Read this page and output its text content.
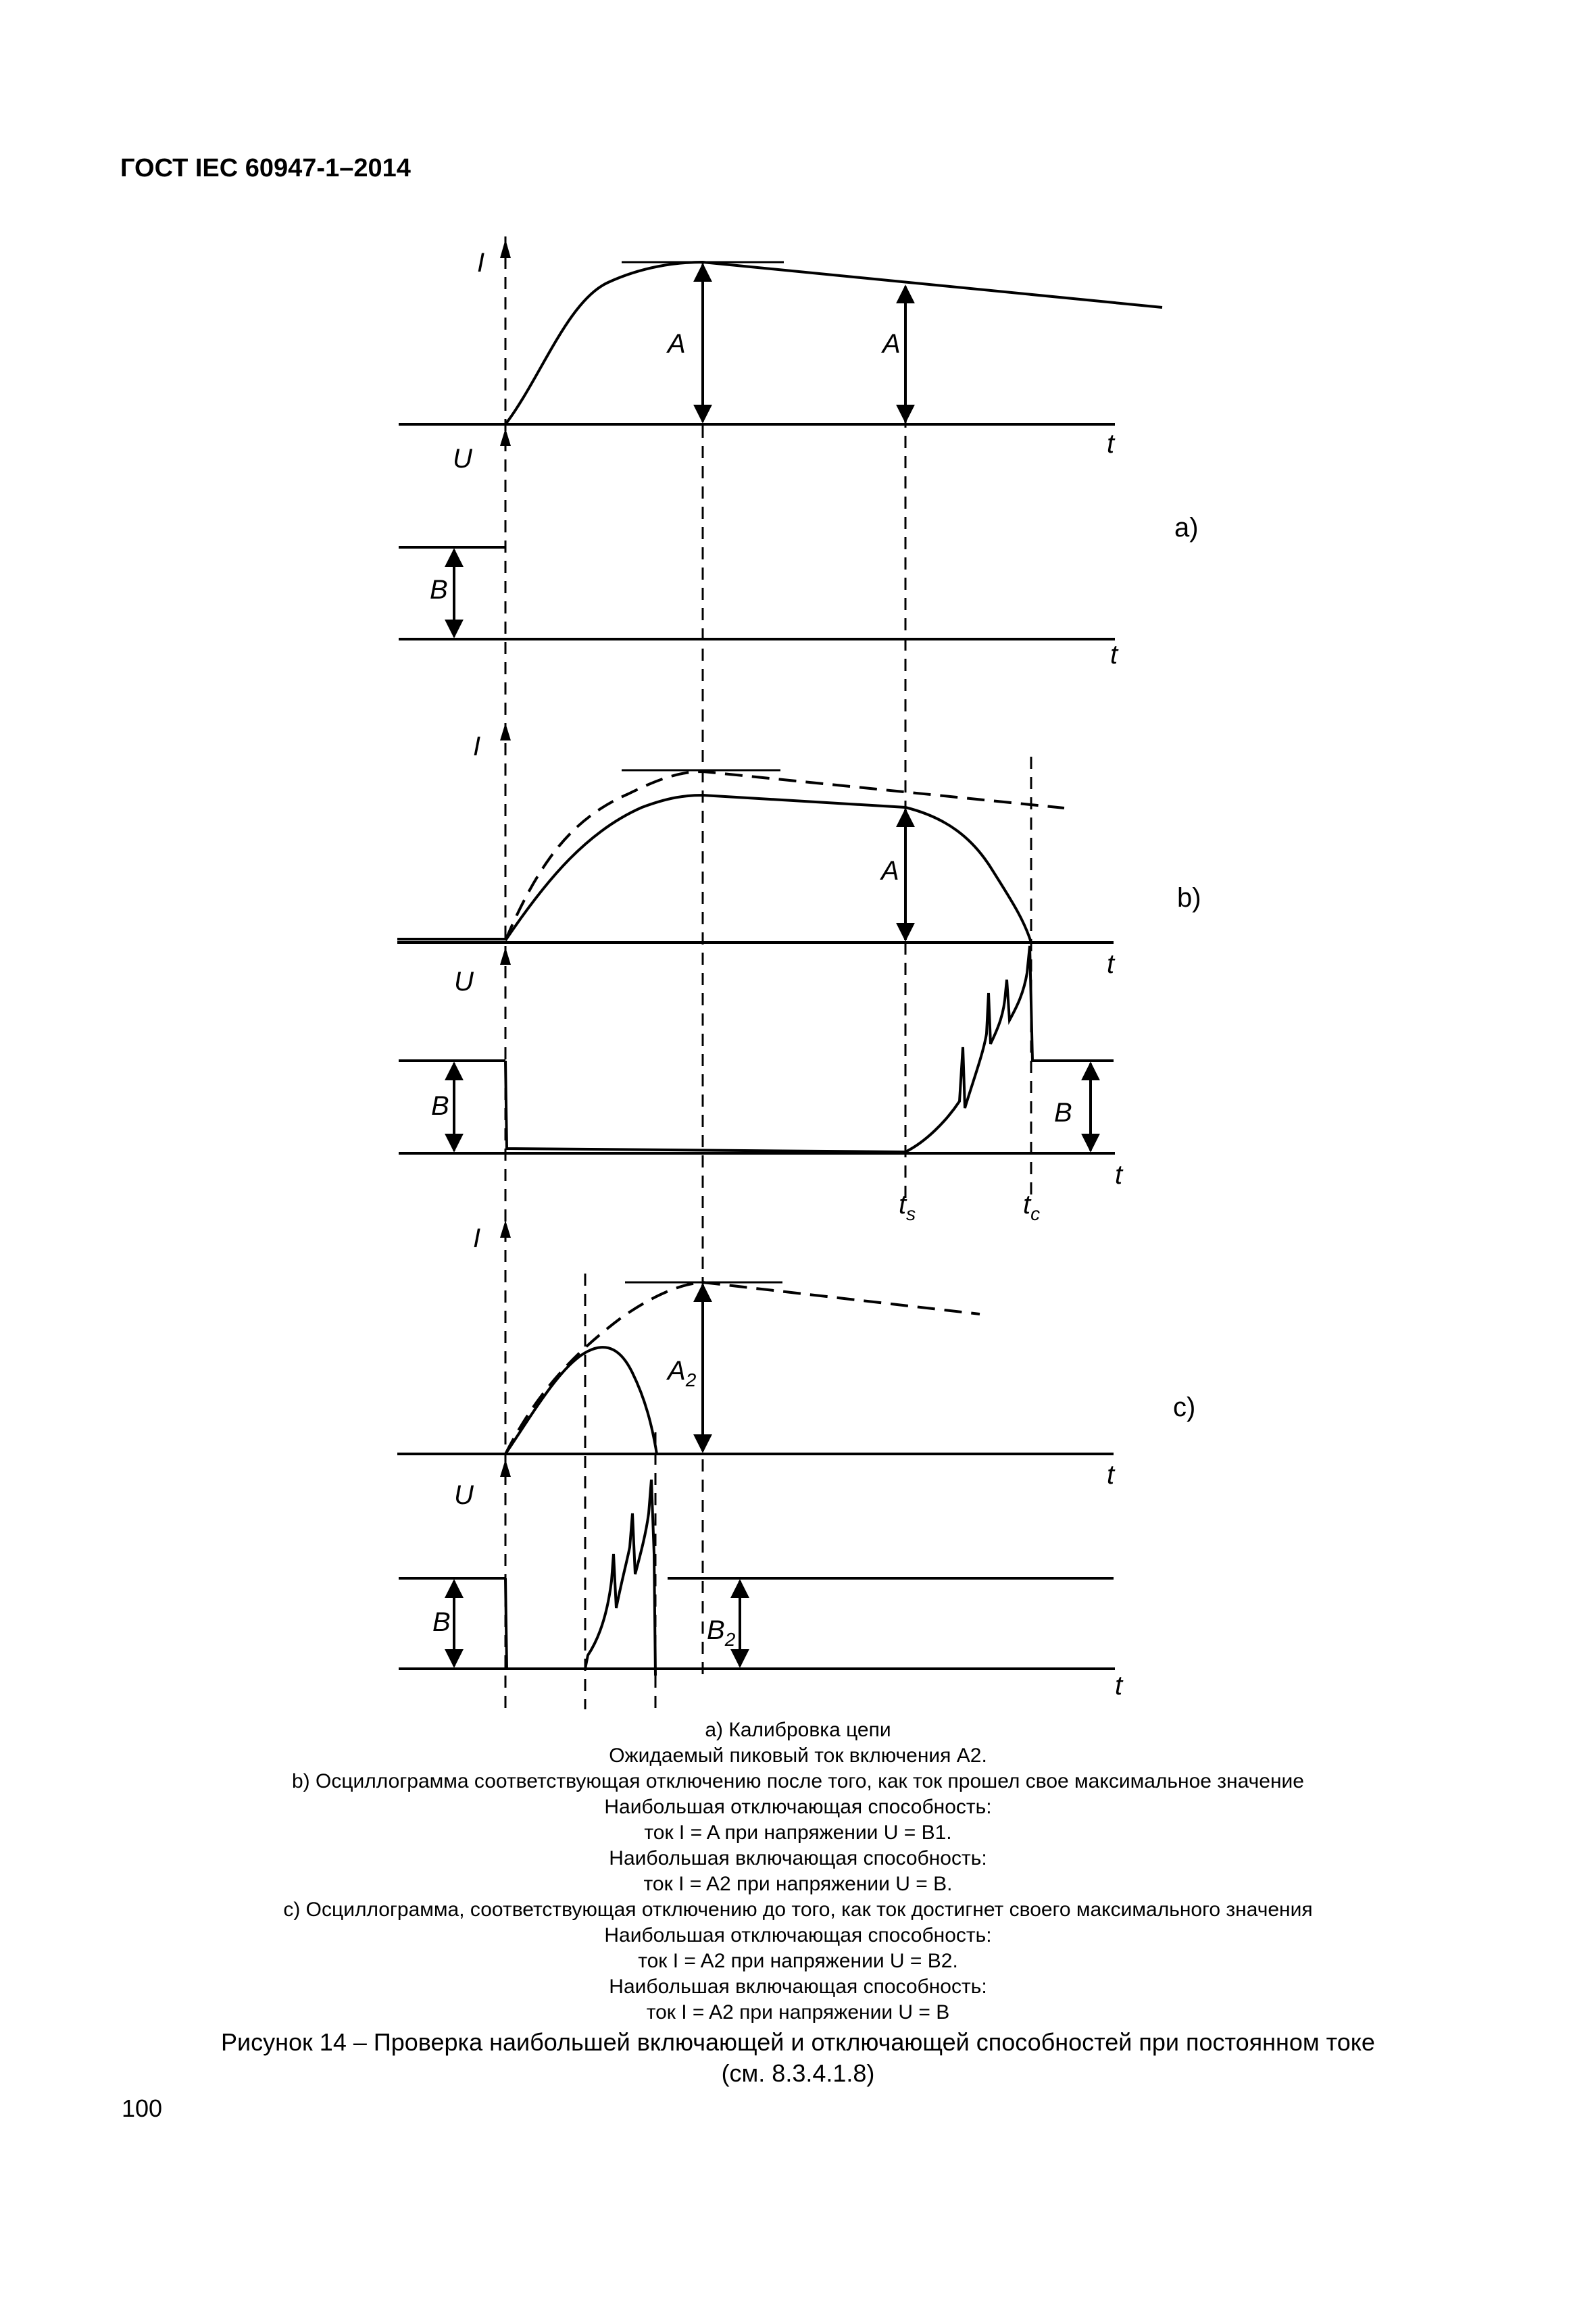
ГОСТ IEC 60947-1–2014
I
U	t
t
A	A
B
a)
I
U
t
t
A
B	B
b)
$t_s$	$t_c$
I
U
t
t
$A_2$
B	$B_2$
c)
a) Калибровка цепи
Ожидаемый пиковый ток включения A2.
b) Осциллограмма соответствующая отключению после того, как ток прошел свое максимальное значение
Наибольшая отключающая способность:
ток I = A при напряжении U = B1.
Наибольшая включающая способность:
ток I = A2 при напряжении U = B.
c) Осциллограмма, соответствующая отключению до того, как ток достигнет своего максимального значения
Наибольшая отключающая способность:
ток I = A2 при напряжении U = B2.
Наибольшая включающая способность:
ток I = A2 при напряжении U = B
Рисунок 14 – Проверка наибольшей включающей и отключающей способностей при постоянном токе
(см. 8.3.4.1.8)
100
